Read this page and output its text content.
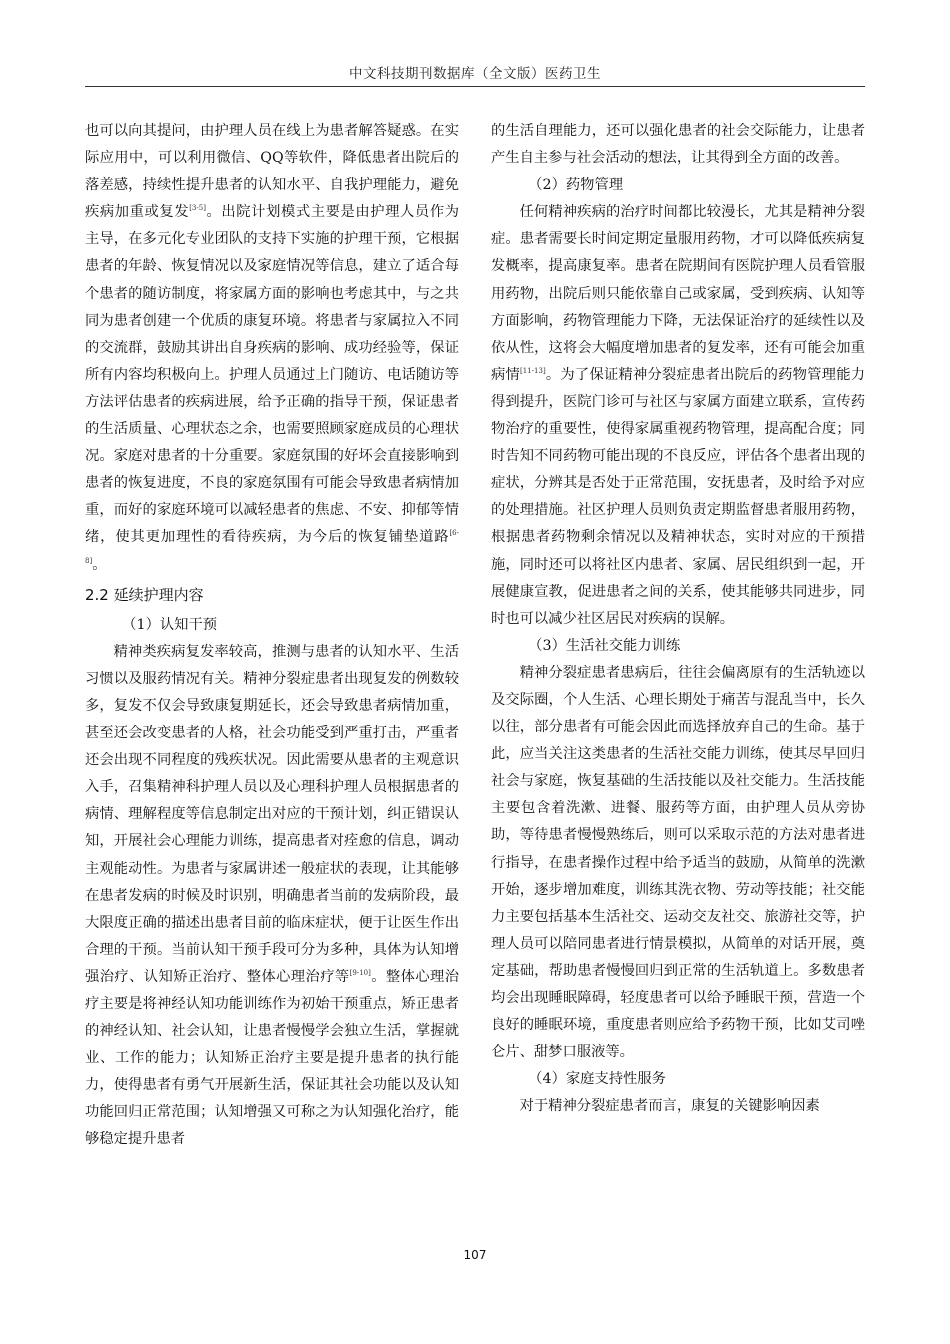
中文科技期刊数据库（全文版）医药卫生

也可以向其提问，由护理人员在线上为患者解答疑惑。在实际应用中，可以利用微信、QQ等软件，降低患者出院后的落差感，持续性提升患者的认知水平、自我护理能力，避免疾病加重或复发[3-5]。出院计划模式主要是由护理人员作为主导，在多元化专业团队的支持下实施的护理干预，它根据患者的年龄、恢复情况以及家庭情况等信息，建立了适合每个患者的随访制度，将家属方面的影响也考虑其中，与之共同为患者创建一个优质的康复环境。将患者与家属拉入不同的交流群，鼓励其讲出自身疾病的影响、成功经验等，保证所有内容均积极向上。护理人员通过上门随访、电话随访等方法评估患者的疾病进展，给予正确的指导干预，保证患者的生活质量、心理状态之余，也需要照顾家庭成员的心理状况。家庭对患者的十分重要。家庭氛围的好坏会直接影响到患者的恢复进度，不良的家庭氛围有可能会导致患者病情加重，而好的家庭环境可以减轻患者的焦虑、不安、抑郁等情绪，使其更加理性的看待疾病，为今后的恢复铺垫道路[6-8]。

2.2 延续护理内容

（1）认知干预

精神类疾病复发率较高，推测与患者的认知水平、生活习惯以及服药情况有关。精神分裂症患者出现复发的例数较多，复发不仅会导致康复期延长，还会导致患者病情加重，甚至还会改变患者的人格，社会功能受到严重打击，严重者还会出现不同程度的残疾状况。因此需要从患者的主观意识入手，召集精神科护理人员以及心理科护理人员根据患者的病情、理解程度等信息制定出对应的干预计划，纠正错误认知，开展社会心理能力训练，提高患者对痊愈的信息，调动主观能动性。为患者与家属讲述一般症状的表现，让其能够在患者发病的时候及时识别，明确患者当前的发病阶段，最大限度正确的描述出患者目前的临床症状，便于让医生作出合理的干预。当前认知干预手段可分为多种，具体为认知增强治疗、认知矫正治疗、整体心理治疗等[9-10]。整体心理治疗主要是将神经认知功能训练作为初始干预重点，矫正患者的神经认知、社会认知，让患者慢慢学会独立生活，掌握就业、工作的能力；认知矫正治疗主要是提升患者的执行能力，使得患者有勇气开展新生活，保证其社会功能以及认知功能回归正常范围；认知增强又可称之为认知强化治疗，能够稳定提升患者

的生活自理能力，还可以强化患者的社会交际能力，让患者产生自主参与社会活动的想法，让其得到全方面的改善。

（2）药物管理

任何精神疾病的治疗时间都比较漫长，尤其是精神分裂症。患者需要长时间定期定量服用药物，才可以降低疾病复发概率，提高康复率。患者在院期间有医院护理人员看管服用药物，出院后则只能依靠自己或家属，受到疾病、认知等方面影响，药物管理能力下降，无法保证治疗的延续性以及依从性，这将会大幅度增加患者的复发率，还有可能会加重病情[11-13]。为了保证精神分裂症患者出院后的药物管理能力得到提升，医院门诊可与社区与家属方面建立联系，宣传药物治疗的重要性，使得家属重视药物管理，提高配合度；同时告知不同药物可能出现的不良反应，评估各个患者出现的症状，分辨其是否处于正常范围，安抚患者，及时给予对应的处理措施。社区护理人员则负责定期监督患者服用药物，根据患者药物剩余情况以及精神状态，实时对应的干预措施，同时还可以将社区内患者、家属、居民组织到一起，开展健康宣教，促进患者之间的关系，使其能够共同进步，同时也可以减少社区居民对疾病的误解。

（3）生活社交能力训练

精神分裂症患者患病后，往往会偏离原有的生活轨迹以及交际圈，个人生活、心理长期处于痛苦与混乱当中，长久以往，部分患者有可能会因此而选择放弃自己的生命。基于此，应当关注这类患者的生活社交能力训练，使其尽早回归社会与家庭，恢复基础的生活技能以及社交能力。生活技能主要包含着洗漱、进餐、服药等方面，由护理人员从旁协助，等待患者慢慢熟练后，则可以采取示范的方法对患者进行指导，在患者操作过程中给予适当的鼓励，从简单的洗漱开始，逐步增加难度，训练其洗衣物、劳动等技能；社交能力主要包括基本生活社交、运动交友社交、旅游社交等，护理人员可以陪同患者进行情景模拟，从简单的对话开展，奠定基础，帮助患者慢慢回归到正常的生活轨道上。多数患者均会出现睡眠障碍，轻度患者可以给予睡眠干预，营造一个良好的睡眠环境，重度患者则应给予药物干预，比如艾司唑仑片、甜梦口服液等。

（4）家庭支持性服务

对于精神分裂症患者而言，康复的关键影响因素

107
